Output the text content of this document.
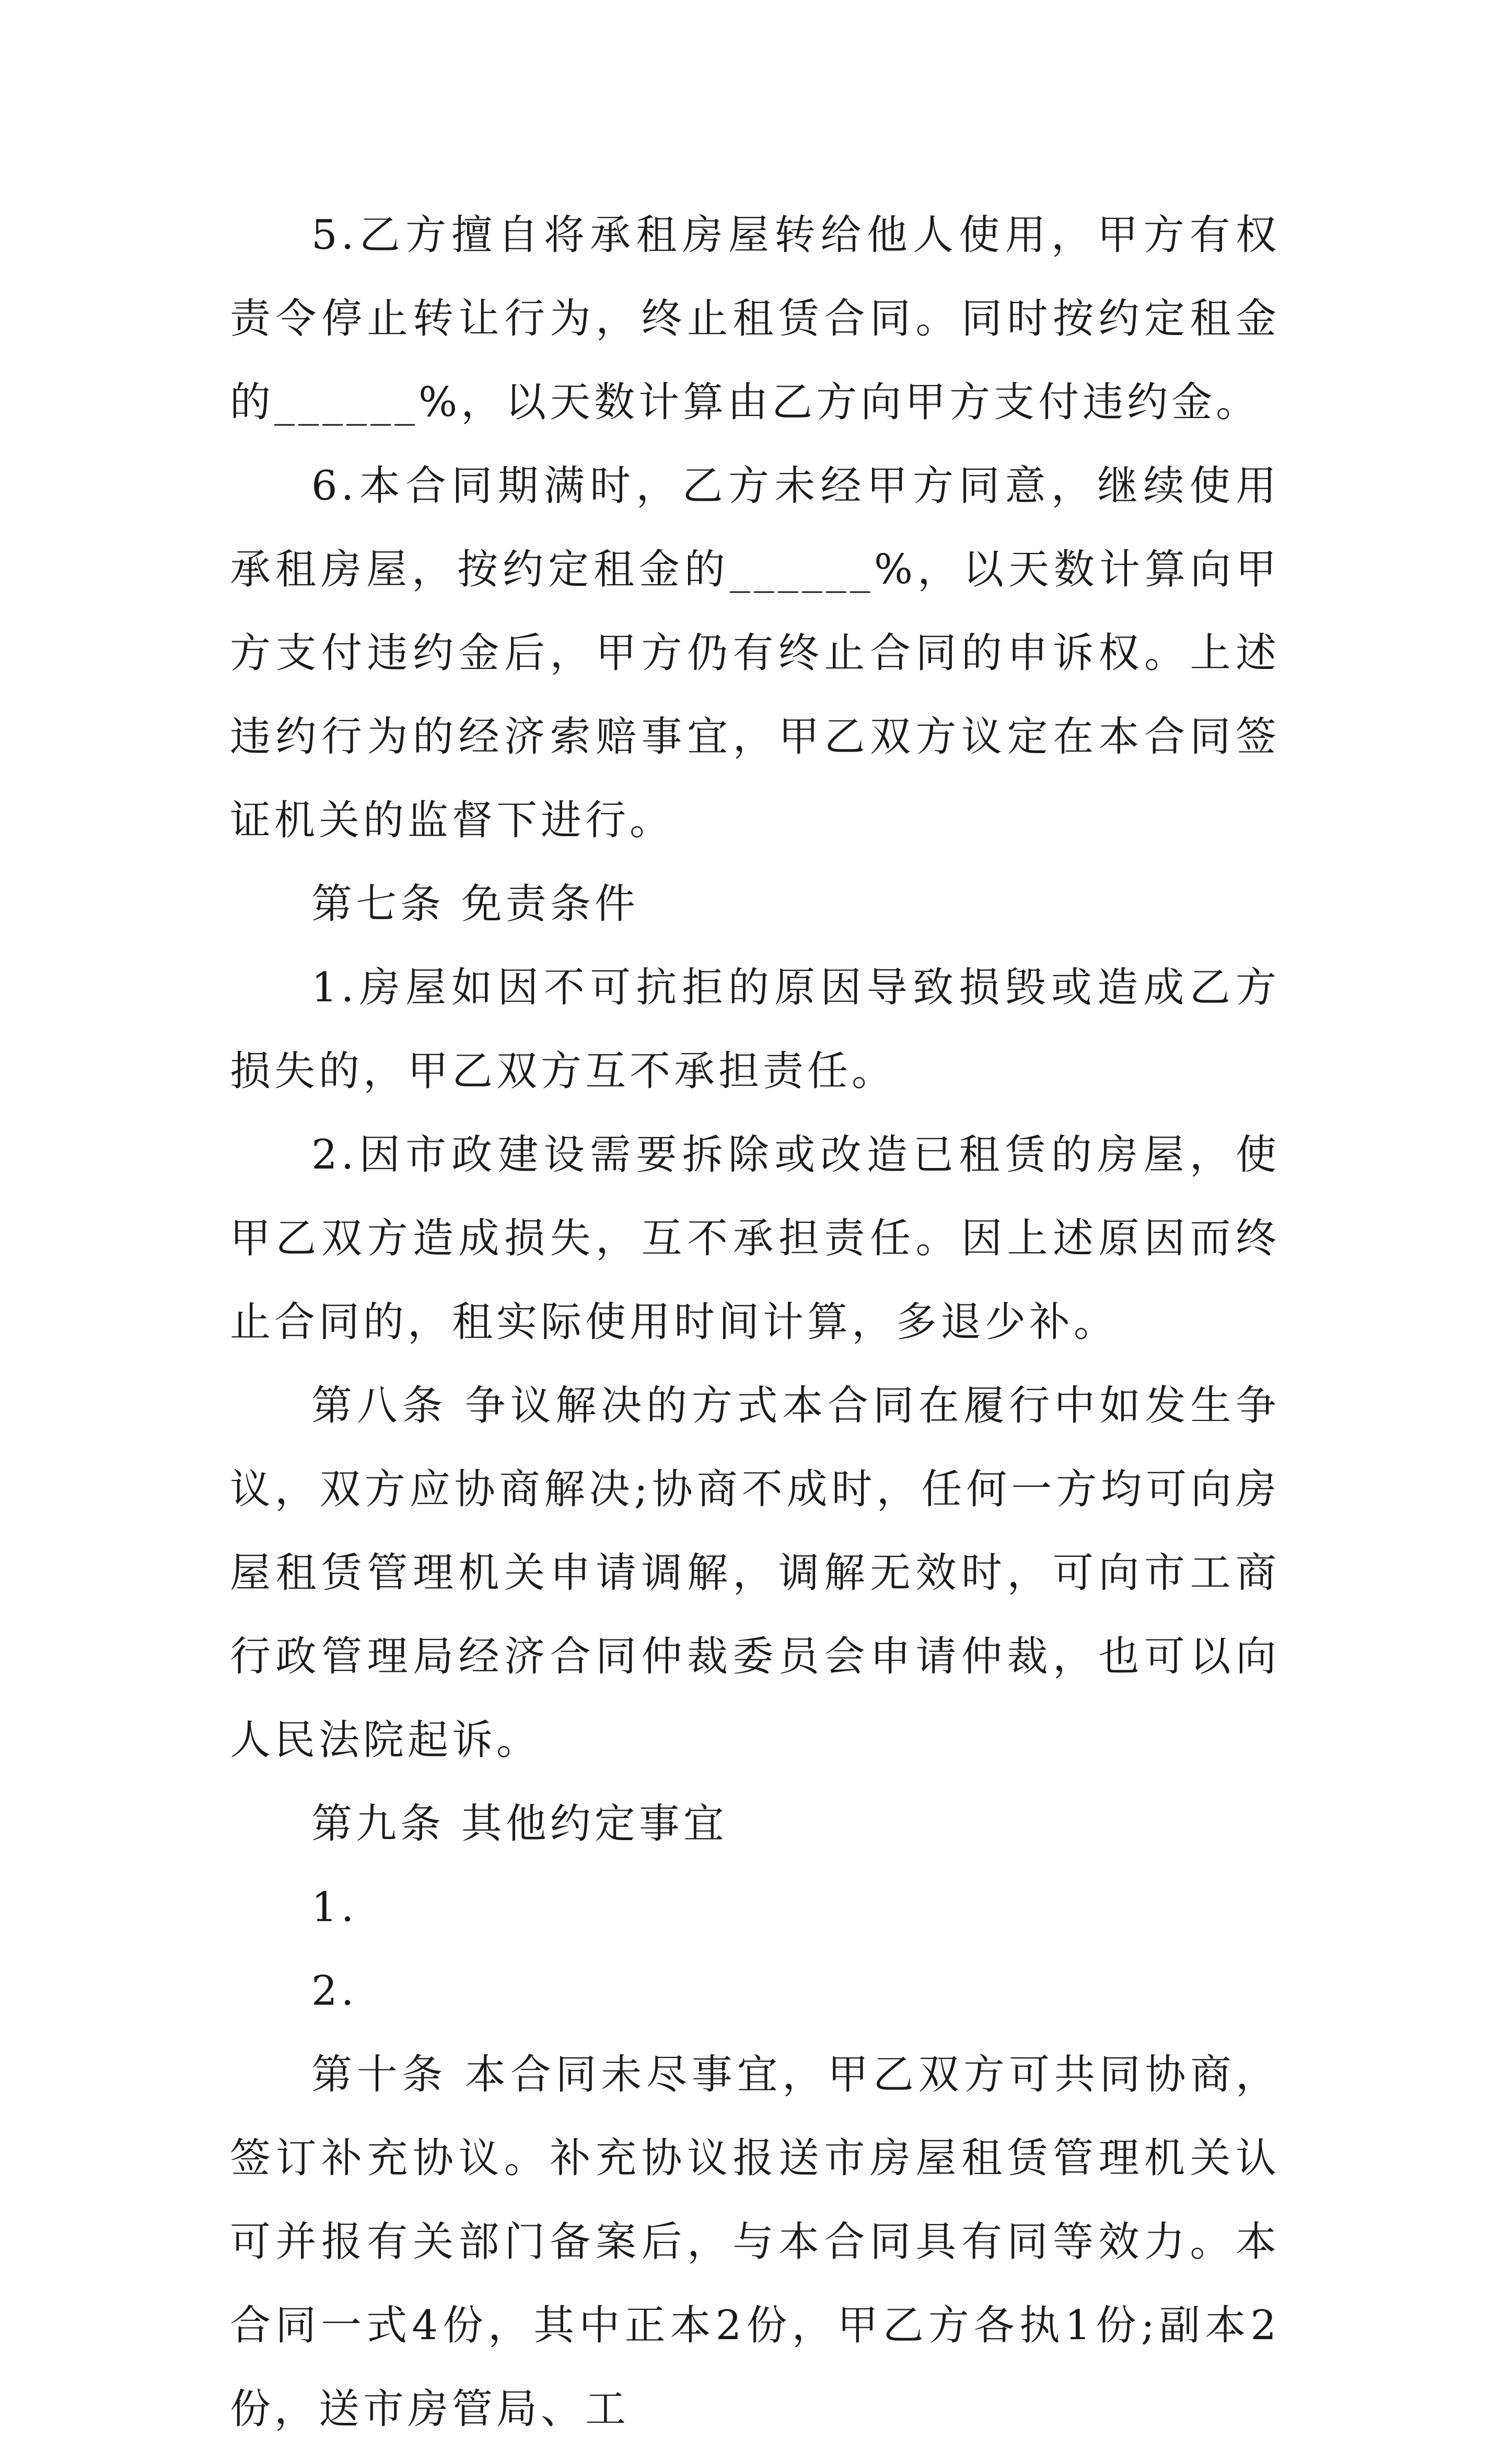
5.乙方擅自将承租房屋转给他人使用，甲方有权责令停止转让行为，终止租赁合同。同时按约定租金的______%，以天数计算由乙方向甲方支付违约金。

6.本合同期满时，乙方未经甲方同意，继续使用承租房屋，按约定租金的______%，以天数计算向甲方支付违约金后，甲方仍有终止合同的申诉权。上述违约行为的经济索赔事宜，甲乙双方议定在本合同签证机关的监督下进行。

第七条 免责条件

1.房屋如因不可抗拒的原因导致损毁或造成乙方损失的，甲乙双方互不承担责任。

2.因市政建设需要拆除或改造已租赁的房屋，使甲乙双方造成损失，互不承担责任。因上述原因而终止合同的，租实际使用时间计算，多退少补。

第八条 争议解决的方式本合同在履行中如发生争议，双方应协商解决;协商不成时，任何一方均可向房屋租赁管理机关申请调解，调解无效时，可向市工商行政管理局经济合同仲裁委员会申请仲裁，也可以向人民法院起诉。

第九条 其他约定事宜

1.

2.

第十条 本合同未尽事宜，甲乙双方可共同协商，签订补充协议。补充协议报送市房屋租赁管理机关认可并报有关部门备案后，与本合同具有同等效力。本合同一式4份，其中正本2份，甲乙方各执1份;副本2份，送市房管局、工
